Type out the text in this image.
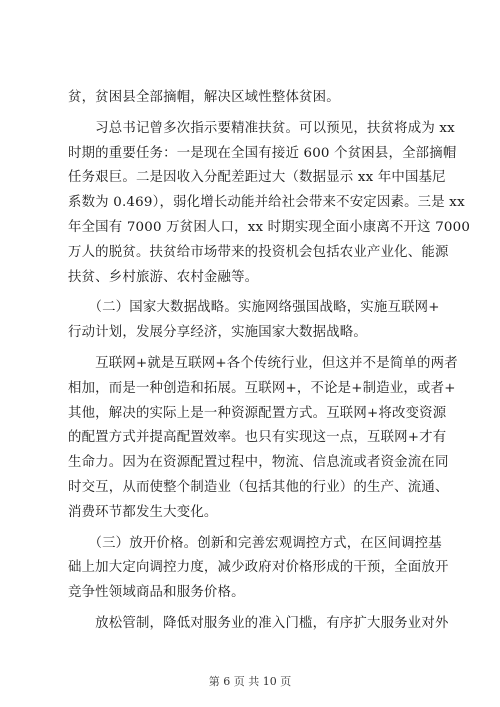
贫，贫困县全部摘帽，解决区域性整体贫困。

　　习总书记曾多次指示要精准扶贫。可以预见，扶贫将成为 xx

时期的重要任务：一是现在全国有接近 600 个贫困县，全部摘帽

任务艰巨。二是因收入分配差距过大（数据显示 xx 年中国基尼

系数为 0.469），弱化增长动能并给社会带来不安定因素。三是 xx

年全国有 7000 万贫困人口，xx 时期实现全面小康离不开这 7000

万人的脱贫。扶贫给市场带来的投资机会包括农业产业化、能源

扶贫、乡村旅游、农村金融等。

　　（二）国家大数据战略。实施网络强国战略，实施互联网+

行动计划，发展分享经济，实施国家大数据战略。

　　互联网+就是互联网+各个传统行业，但这并不是简单的两者

相加，而是一种创造和拓展。互联网+，不论是+制造业，或者+

其他，解决的实际上是一种资源配置方式。互联网+将改变资源

的配置方式并提高配置效率。也只有实现这一点，互联网+才有

生命力。因为在资源配置过程中，物流、信息流或者资金流在同

时交互，从而使整个制造业（包括其他的行业）的生产、流通、

消费环节都发生大变化。

　　（三）放开价格。创新和完善宏观调控方式，在区间调控基

础上加大定向调控力度，减少政府对价格形成的干预，全面放开

竞争性领域商品和服务价格。

　　放松管制，降低对服务业的准入门槛，有序扩大服务业对外

第 6 页 共 10 页
